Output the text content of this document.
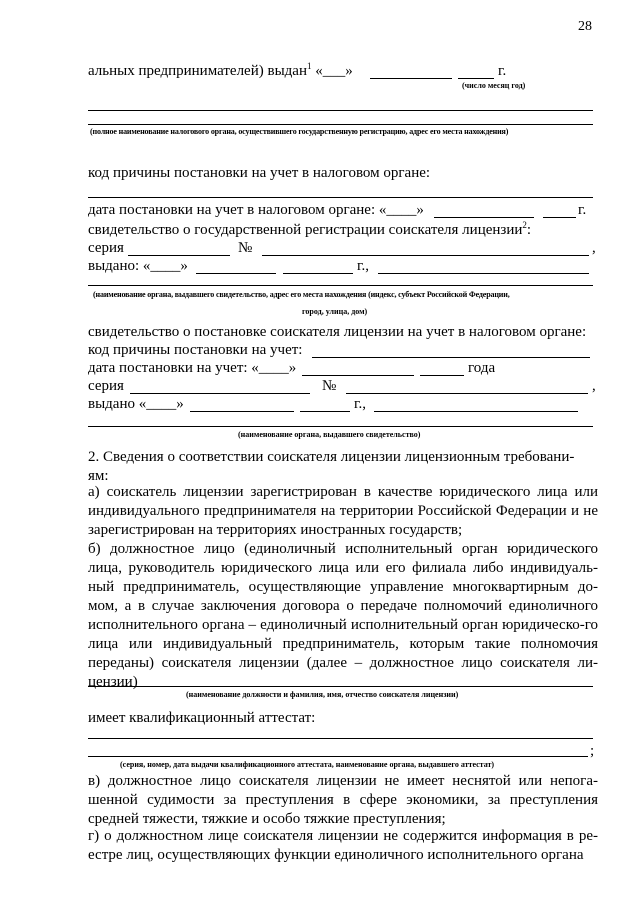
28
альных предпринимателей) выдан$^1$ «___»	г.
(число месяц год)
(полное наименование налогового органа, осуществившего государственную регистрацию, адрес его места нахождения)
код причины постановки на учет в налоговом органе:
дата постановки на учет в налоговом органе: «____»	г.
свидетельство о государственной регистрации соискателя лицензии$^2$:
серия	№	,
выдано: «____»	г.,
(наименование органа, выдавшего свидетельство, адрес его места нахождения (индекс, субъект Российской Федерации,
город, улица, дом)
свидетельство о постановке соискателя лицензии на учет в налоговом органе:
код причины постановки на учет:
дата постановки на учет: «____»	года
серия	№	,
выдано «____»	г.,
(наименование органа, выдавшего свидетельство)
2. Сведения о соответствии соискателя лицензии лицензионным требовани-
ям:
а) соискатель лицензии зарегистрирован в качестве юридического лица или индивидуального предпринимателя на территории Российской Федерации и не зарегистрирован на территориях иностранных государств;
б) должностное лицо (единоличный исполнительный орган юридического лица, руководитель юридического лица или его филиала либо индивидуаль-ный предприниматель, осуществляющие управление многоквартирным до-мом, а в случае заключения договора о передаче полномочий единоличного исполнительного органа – единоличный исполнительный орган юридическо-го лица или индивидуальный предприниматель, которым такие полномочия переданы) соискателя лицензии (далее – должностное лицо соискателя ли-цензии)
(наименование должности и фамилия, имя, отчество соискателя лицензии)
имеет квалификационный аттестат:
;
(серия, номер, дата выдачи квалификационного аттестата, наименование органа, выдавшего аттестат)
в) должностное лицо соискателя лицензии не имеет неснятой или непога-шенной судимости за преступления в сфере экономики, за преступления средней тяжести, тяжкие и особо тяжкие преступления;
г) о должностном лице соискателя лицензии не содержится информация в ре-естре лиц, осуществляющих функции единоличного исполнительного органа
